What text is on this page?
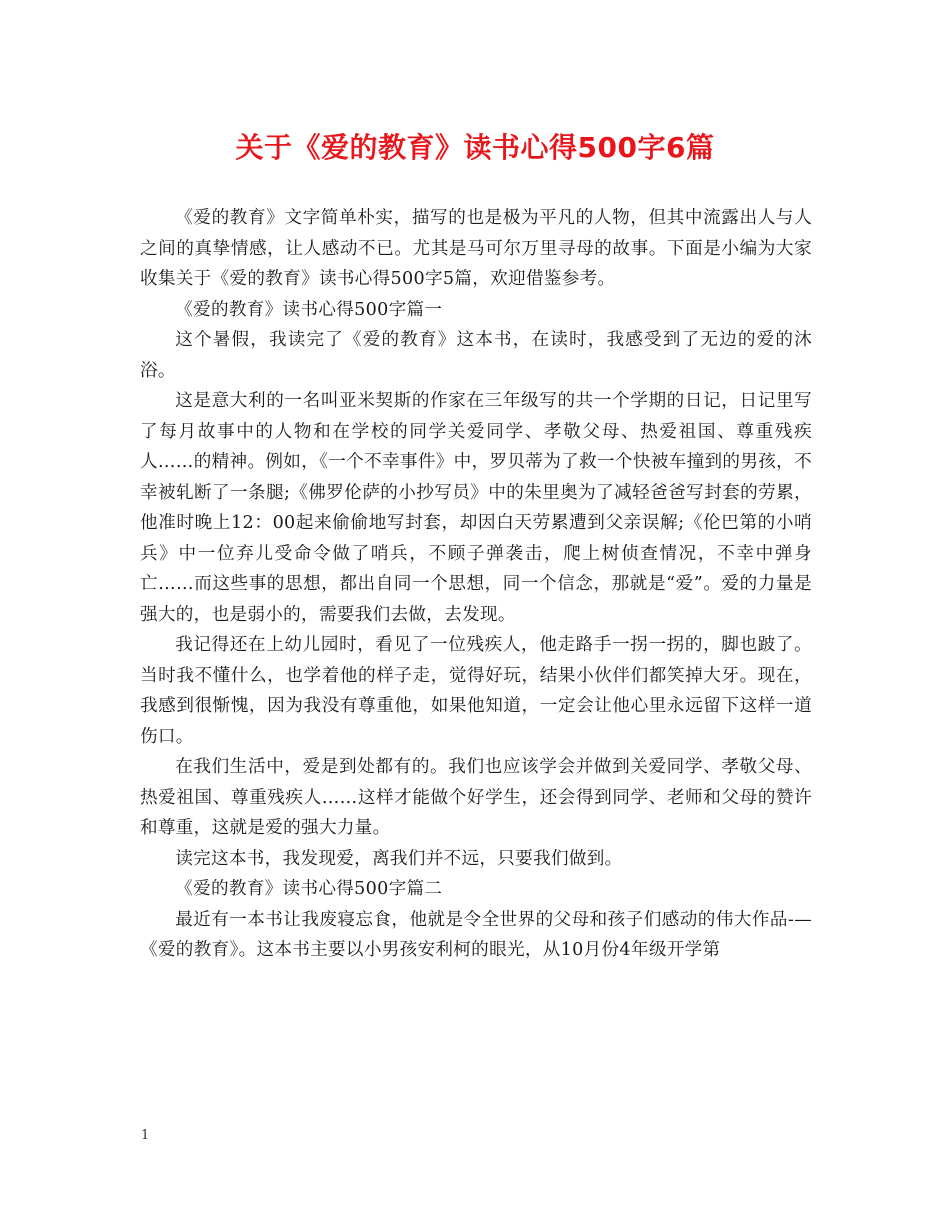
关于《爱的教育》读书心得500字6篇

《爱的教育》文字简单朴实，描写的也是极为平凡的人物，但其中流露出人与人之间的真挚情感，让人感动不已。尤其是马可尔万里寻母的故事。下面是小编为大家收集关于《爱的教育》读书心得500字5篇，欢迎借鉴参考。

《爱的教育》读书心得500字篇一

这个暑假，我读完了《爱的教育》这本书，在读时，我感受到了无边的爱的沐浴。

这是意大利的一名叫亚米契斯的作家在三年级写的共一个学期的日记，日记里写了每月故事中的人物和在学校的同学关爱同学、孝敬父母、热爱祖国、尊重残疾人……的精神。例如，《一个不幸事件》中，罗贝蒂为了救一个快被车撞到的男孩，不幸被轧断了一条腿;《佛罗伦萨的小抄写员》中的朱里奥为了减轻爸爸写封套的劳累，他准时晚上12：00起来偷偷地写封套，却因白天劳累遭到父亲误解;《伦巴第的小哨兵》中一位弃儿受命令做了哨兵，不顾子弹袭击，爬上树侦查情况，不幸中弹身亡……而这些事的思想，都出自同一个思想，同一个信念，那就是“爱”。爱的力量是强大的，也是弱小的，需要我们去做，去发现。

我记得还在上幼儿园时，看见了一位残疾人，他走路手一拐一拐的，脚也跛了。当时我不懂什么，也学着他的样子走，觉得好玩，结果小伙伴们都笑掉大牙。现在，我感到很惭愧，因为我没有尊重他，如果他知道，一定会让他心里永远留下这样一道伤口。

在我们生活中，爱是到处都有的。我们也应该学会并做到关爱同学、孝敬父母、热爱祖国、尊重残疾人……这样才能做个好学生，还会得到同学、老师和父母的赞许和尊重，这就是爱的强大力量。

读完这本书，我发现爱，离我们并不远，只要我们做到。

《爱的教育》读书心得500字篇二

最近有一本书让我废寝忘食，他就是令全世界的父母和孩子们感动的伟大作品-—《爱的教育》。这本书主要以小男孩安利柯的眼光，从10月份4年级开学第

1
